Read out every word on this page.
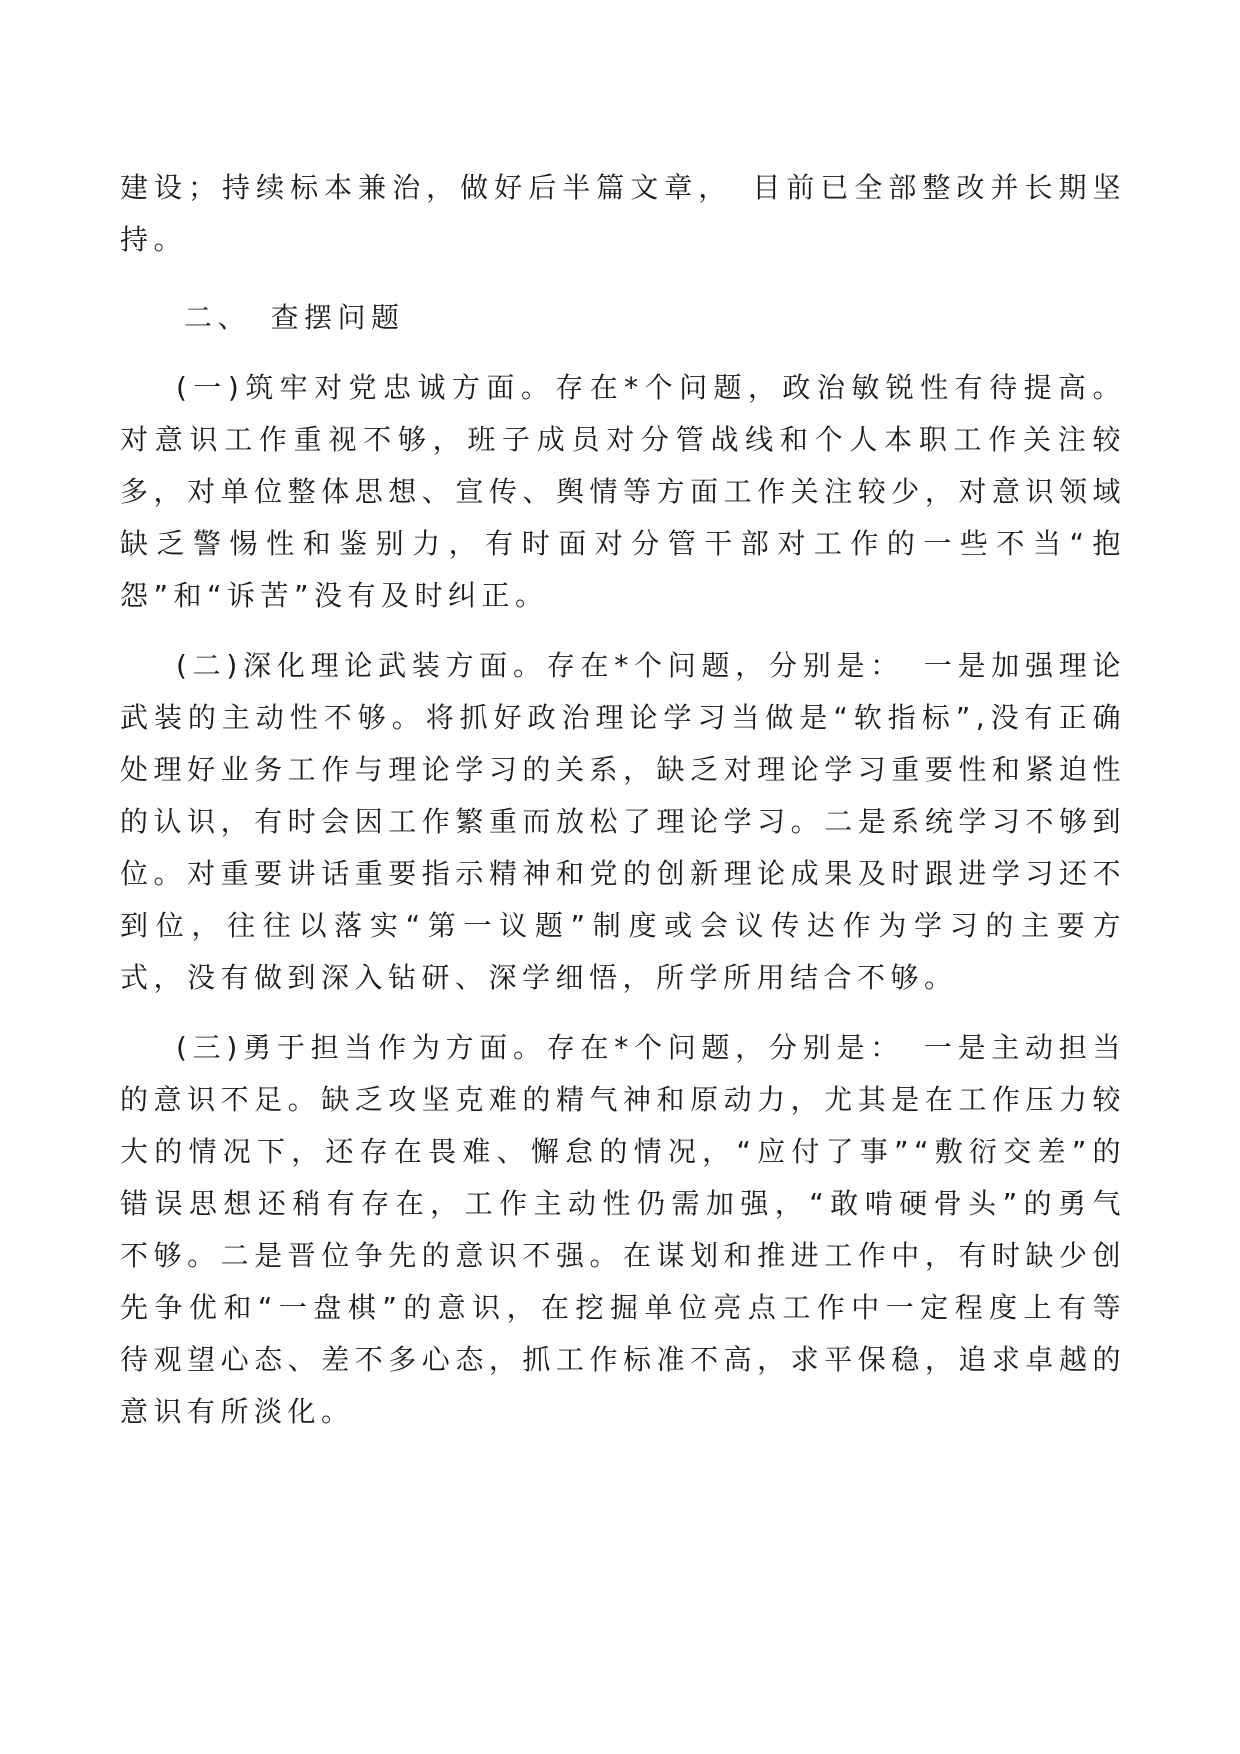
建设；持续标本兼治，做好后半篇文章，　目前已全部整改并长期坚持。

二、　查摆问题

(一)筑牢对党忠诚方面。存在*个问题，政治敏锐性有待提高。对意识工作重视不够，班子成员对分管战线和个人本职工作关注较多，对单位整体思想、宣传、舆情等方面工作关注较少，对意识领域缺乏警惕性和鉴别力，有时面对分管干部对工作的一些不当“抱怨”和“诉苦”没有及时纠正。

(二)深化理论武装方面。存在*个问题，分别是：　一是加强理论武装的主动性不够。将抓好政治理论学习当做是“软指标”,没有正确处理好业务工作与理论学习的关系，缺乏对理论学习重要性和紧迫性的认识，有时会因工作繁重而放松了理论学习。二是系统学习不够到位。对重要讲话重要指示精神和党的创新理论成果及时跟进学习还不到位，往往以落实“第一议题”制度或会议传达作为学习的主要方式，没有做到深入钻研、深学细悟，所学所用结合不够。

(三)勇于担当作为方面。存在*个问题，分别是：　一是主动担当的意识不足。缺乏攻坚克难的精气神和原动力，尤其是在工作压力较大的情况下，还存在畏难、懈怠的情况，“应付了事”“敷衍交差”的错误思想还稍有存在，工作主动性仍需加强，“敢啃硬骨头”的勇气不够。二是晋位争先的意识不强。在谋划和推进工作中，有时缺少创先争优和“一盘棋”的意识，在挖掘单位亮点工作中一定程度上有等待观望心态、差不多心态，抓工作标准不高，求平保稳，追求卓越的意识有所淡化。
